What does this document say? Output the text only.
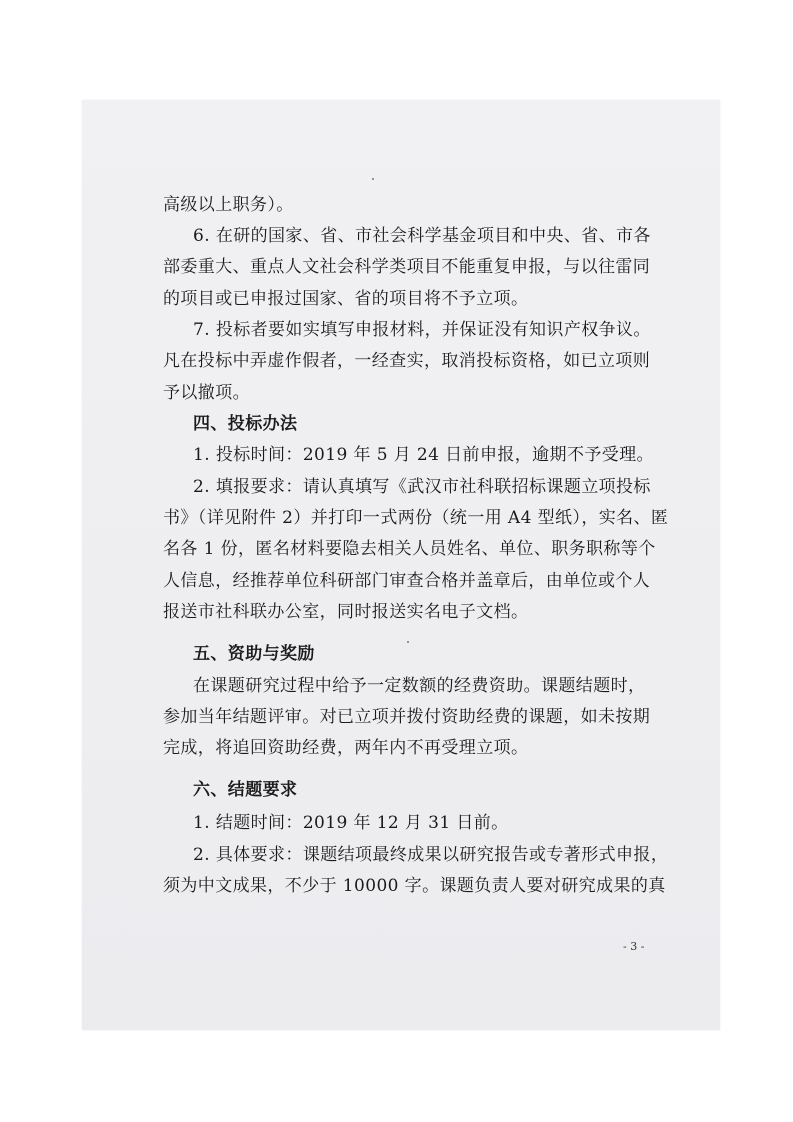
高级以上职务）。
6. 在研的国家、省、市社会科学基金项目和中央、省、市各
部委重大、重点人文社会科学类项目不能重复申报，与以往雷同
的项目或已申报过国家、省的项目将不予立项。
7. 投标者要如实填写申报材料，并保证没有知识产权争议。
凡在投标中弄虚作假者，一经查实，取消投标资格，如已立项则
予以撤项。
四、投标办法
1. 投标时间：2019 年 5 月 24 日前申报，逾期不予受理。
2. 填报要求：请认真填写《武汉市社科联招标课题立项投标
书》（详见附件 2）并打印一式两份（统一用 A4 型纸），实名、匿
名各 1 份，匿名材料要隐去相关人员姓名、单位、职务职称等个
人信息，经推荐单位科研部门审查合格并盖章后，由单位或个人
报送市社科联办公室，同时报送实名电子文档。
五、资助与奖励
在课题研究过程中给予一定数额的经费资助。课题结题时，
参加当年结题评审。对已立项并拨付资助经费的课题，如未按期
完成，将追回资助经费，两年内不再受理立项。
六、结题要求
1. 结题时间：2019 年 12 月 31 日前。
2. 具体要求：课题结项最终成果以研究报告或专著形式申报，
须为中文成果，不少于 10000 字。课题负责人要对研究成果的真
- 3 -
